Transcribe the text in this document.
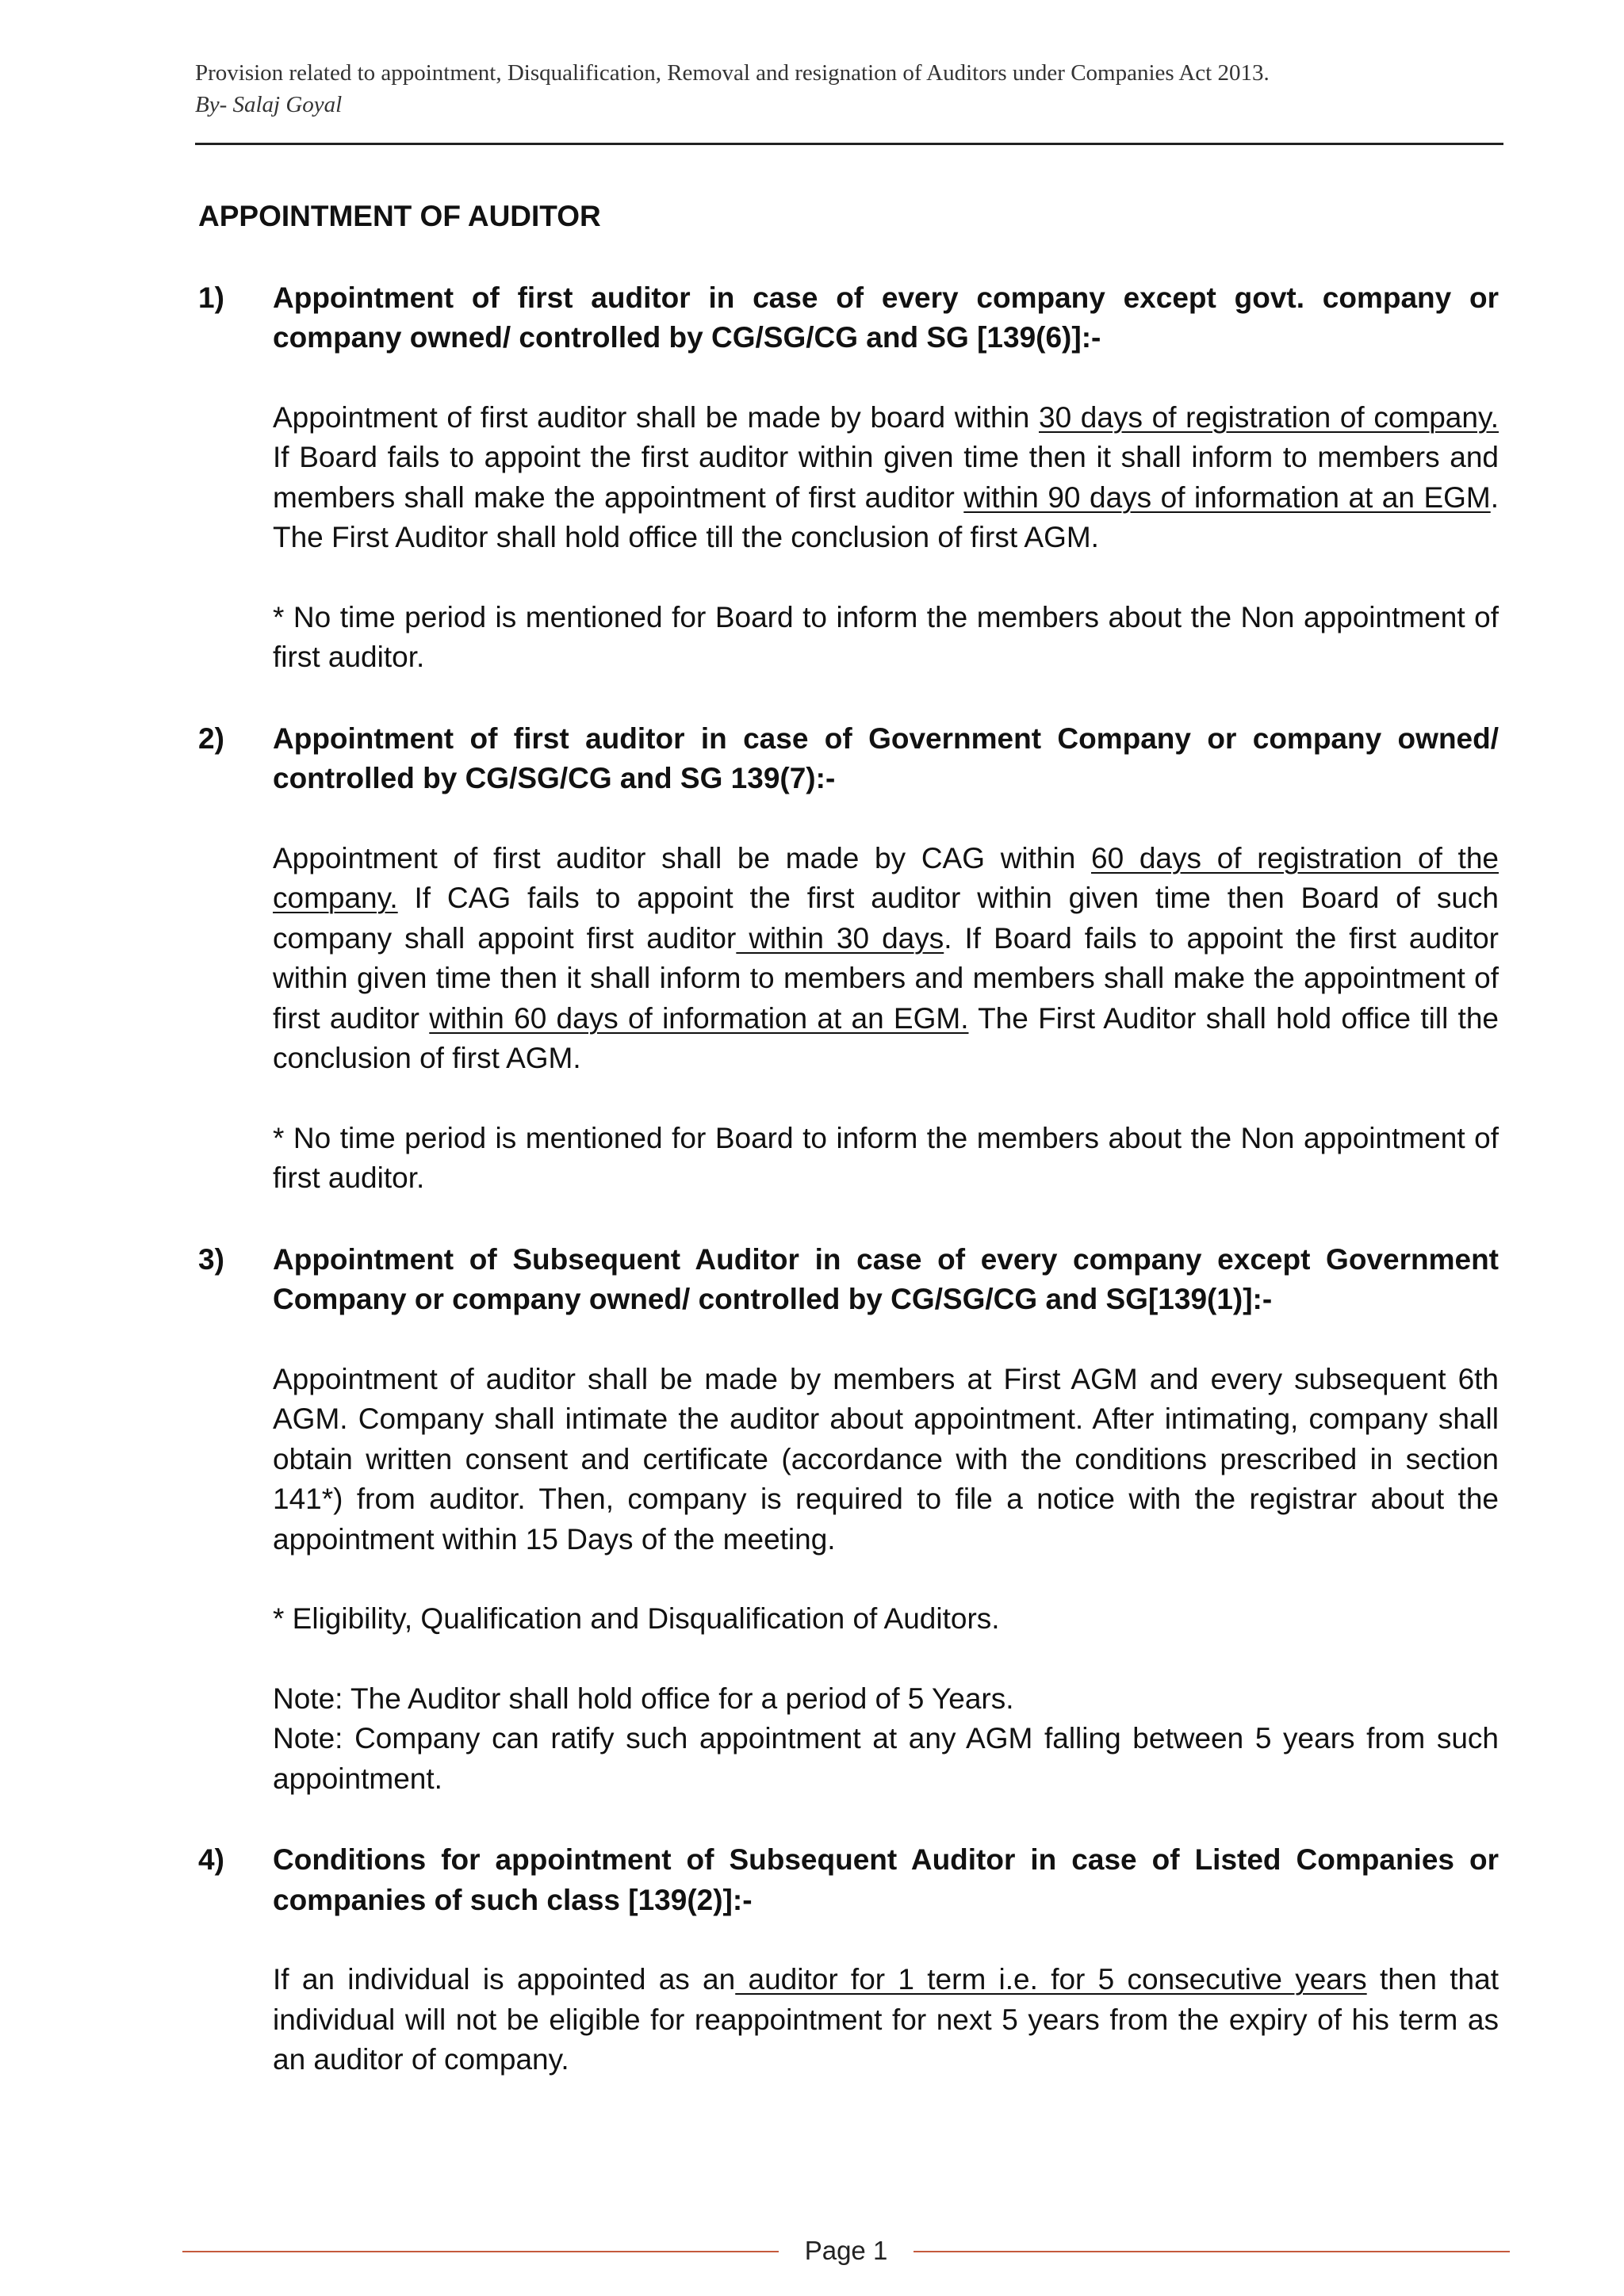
Provision related to appointment, Disqualification, Removal and resignation of Auditors under Companies Act 2013.
By- Salaj Goyal
APPOINTMENT OF AUDITOR
1) Appointment of first auditor in case of every company except govt. company or company owned/ controlled by CG/SG/CG and SG [139(6)]:-
Appointment of first auditor shall be made by board within 30 days of registration of company. If Board fails to appoint the first auditor within given time then it shall inform to members and members shall make the appointment of first auditor within 90 days of information at an EGM. The First Auditor shall hold office till the conclusion of first AGM.
* No time period is mentioned for Board to inform the members about the Non appointment of first auditor.
2) Appointment of first auditor in case of Government Company or company owned/ controlled by CG/SG/CG and SG 139(7):-
Appointment of first auditor shall be made by CAG within 60 days of registration of the company. If CAG fails to appoint the first auditor within given time then Board of such company shall appoint first auditor within 30 days. If Board fails to appoint the first auditor within given time then it shall inform to members and members shall make the appointment of first auditor within 60 days of information at an EGM. The First Auditor shall hold office till the conclusion of first AGM.
* No time period is mentioned for Board to inform the members about the Non appointment of first auditor.
3) Appointment of Subsequent Auditor in case of every company except Government Company or company owned/ controlled by CG/SG/CG and SG[139(1)]:-
Appointment of auditor shall be made by members at First AGM and every subsequent 6th AGM. Company shall intimate the auditor about appointment. After intimating, company shall obtain written consent and certificate (accordance with the conditions prescribed in section 141*) from auditor. Then, company is required to file a notice with the registrar about the appointment within 15 Days of the meeting.
* Eligibility, Qualification and Disqualification of Auditors.
Note: The Auditor shall hold office for a period of 5 Years.
Note: Company can ratify such appointment at any AGM falling between 5 years from such appointment.
4) Conditions for appointment of Subsequent Auditor in case of Listed Companies or companies of such class [139(2)]:-
If an individual is appointed as an auditor for 1 term i.e. for 5 consecutive years then that individual will not be eligible for reappointment for next 5 years from the expiry of his term as an auditor of company.
Page 1
